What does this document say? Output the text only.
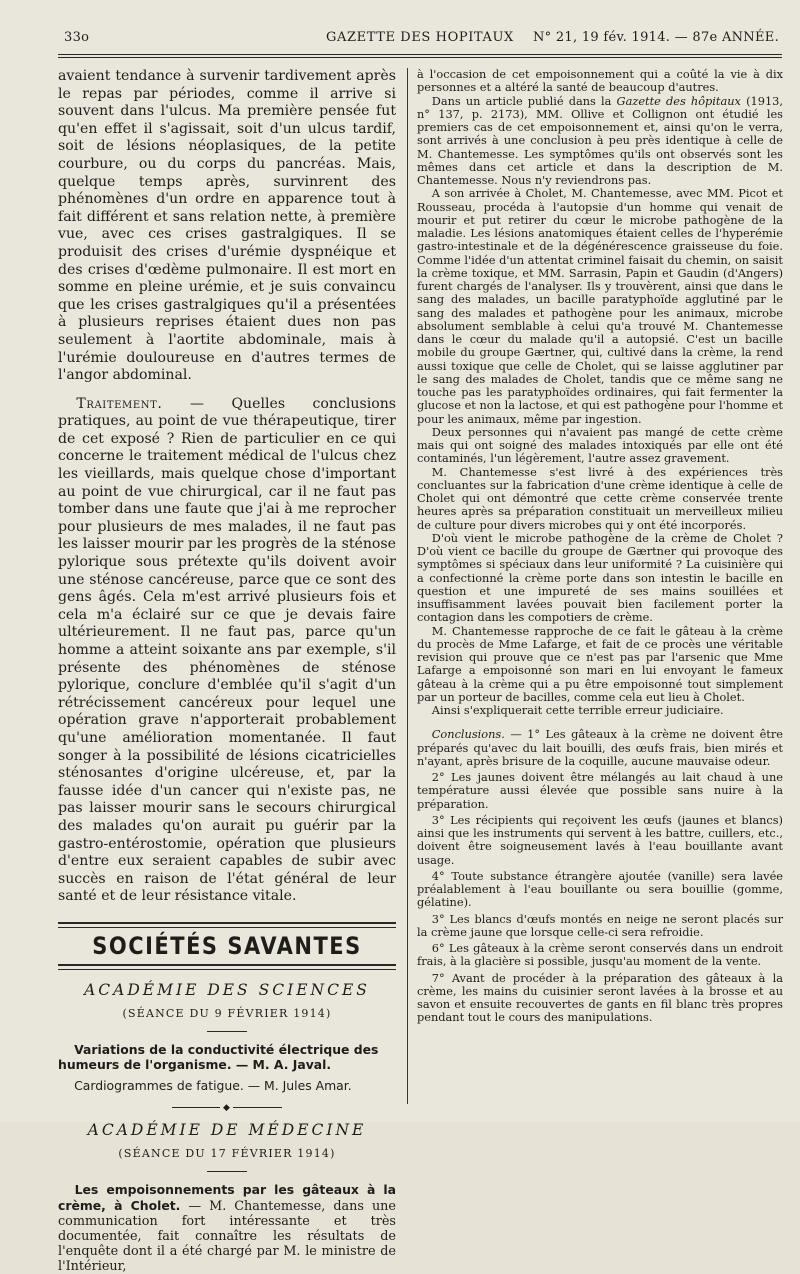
33o	GAZETTE DES HOPITAUX N° 21, 19 fév. 1914. — 87e ANNÉE.

avaient tendance à survenir tardivement après le repas par périodes, comme il arrive si souvent dans l'ulcus. Ma première pensée fut qu'en effet il s'agissait, soit d'un ulcus tardif, soit de lésions néoplasiques, de la petite courbure, ou du corps du pancréas. Mais, quelque temps après, survinrent des phénomènes d'un ordre en apparence tout à fait différent et sans relation nette, à première vue, avec ces crises gastralgiques. Il se produisit des crises d'urémie dyspnéique et des crises d'œdème pulmonaire. Il est mort en somme en pleine urémie, et je suis convaincu que les crises gastralgiques qu'il a présentées à plusieurs reprises étaient dues non pas seulement à l'aortite abdominale, mais à l'urémie douloureuse en d'autres termes de l'angor abdominal.

Traitement. — Quelles conclusions pratiques, au point de vue thérapeutique, tirer de cet exposé ? Rien de particulier en ce qui concerne le traitement médical de l'ulcus chez les vieillards, mais quelque chose d'important au point de vue chirurgical, car il ne faut pas tomber dans une faute que j'ai à me reprocher pour plusieurs de mes malades, il ne faut pas les laisser mourir par les progrès de la sténose pylorique sous prétexte qu'ils doivent avoir une sténose cancéreuse, parce que ce sont des gens âgés. Cela m'est arrivé plusieurs fois et cela m'a éclairé sur ce que je devais faire ultérieurement. Il ne faut pas, parce qu'un homme a atteint soixante ans par exemple, s'il présente des phénomènes de sténose pylorique, conclure d'emblée qu'il s'agit d'un rétrécissement cancéreux pour lequel une opération grave n'apporterait probablement qu'une amélioration momentanée. Il faut songer à la possibilité de lésions cicatricielles sténosantes d'origine ulcéreuse, et, par la fausse idée d'un cancer qui n'existe pas, ne pas laisser mourir sans le secours chirurgical des malades qu'on aurait pu guérir par la gastro-entérostomie, opération que plusieurs d'entre eux seraient capables de subir avec succès en raison de l'état général de leur santé et de leur résistance vitale.

SOCIÉTÉS SAVANTES
ACADÉMIE DES SCIENCES
(SÉANCE DU 9 FÉVRIER 1914)

Variations de la conductivité électrique des humeurs de l'organisme. — M. A. Javal.

Cardiogrammes de fatigue. — M. Jules Amar.

◆
ACADÉMIE DE MÉDECINE
(SÉANCE DU 17 FÉVRIER 1914)

Les empoisonnements par les gâteaux à la crème, à Cholet. — M. Chantemesse, dans une communication fort intéressante et très documentée, fait connaître les résultats de l'enquête dont il a été chargé par M. le ministre de l'Intérieur,

à l'occasion de cet empoisonnement qui a coûté la vie à dix personnes et a altéré la santé de beaucoup d'autres.

Dans un article publié dans la Gazette des hôpitaux (1913, n° 137, p. 2173), MM. Ollive et Collignon ont étudié les premiers cas de cet empoisonnement et, ainsi qu'on le verra, sont arrivés à une conclusion à peu près identique à celle de M. Chantemesse. Les symptômes qu'ils ont observés sont les mêmes dans cet article et dans la description de M. Chantemesse. Nous n'y reviendrons pas.

A son arrivée à Cholet, M. Chantemesse, avec MM. Picot et Rousseau, procéda à l'autopsie d'un homme qui venait de mourir et put retirer du cœur le microbe pathogène de la maladie. Les lésions anatomiques étaient celles de l'hyperémie gastro-intestinale et de la dégénérescence graisseuse du foie. Comme l'idée d'un attentat criminel faisait du chemin, on saisit la crème toxique, et MM. Sarrasin, Papin et Gaudin (d'Angers) furent chargés de l'analyser. Ils y trouvèrent, ainsi que dans le sang des malades, un bacille paratyphoïde agglutiné par le sang des malades et pathogène pour les animaux, microbe absolument semblable à celui qu'a trouvé M. Chantemesse dans le cœur du malade qu'il a autopsié. C'est un bacille mobile du groupe Gærtner, qui, cultivé dans la crème, la rend aussi toxique que celle de Cholet, qui se laisse agglutiner par le sang des malades de Cholet, tandis que ce même sang ne touche pas les paratyphoïdes ordinaires, qui fait fermenter la glucose et non la lactose, et qui est pathogène pour l'homme et pour les animaux, même par ingestion.

Deux personnes qui n'avaient pas mangé de cette crème mais qui ont soigné des malades intoxiqués par elle ont été contaminés, l'un légèrement, l'autre assez gravement.

M. Chantemesse s'est livré à des expériences très concluantes sur la fabrication d'une crème identique à celle de Cholet qui ont démontré que cette crème conservée trente heures après sa préparation constituait un merveilleux milieu de culture pour divers microbes qui y ont été incorporés.

D'où vient le microbe pathogène de la crème de Cholet ? D'où vient ce bacille du groupe de Gærtner qui provoque des symptômes si spéciaux dans leur uniformité ? La cuisinière qui a confectionné la crème porte dans son intestin le bacille en question et une impureté de ses mains souillées et insuffisamment lavées pouvait bien facilement porter la contagion dans les compotiers de crème.

M. Chantemesse rapproche de ce fait le gâteau à la crème du procès de Mme Lafarge, et fait de ce procès une véritable revision qui prouve que ce n'est pas par l'arsenic que Mme Lafarge a empoisonné son mari en lui envoyant le fameux gâteau à la crème qui a pu être empoisonné tout simplement par un porteur de bacilles, comme cela eut lieu à Cholet.

Ainsi s'expliquerait cette terrible erreur judiciaire.

Conclusions. — 1° Les gâteaux à la crème ne doivent être préparés qu'avec du lait bouilli, des œufs frais, bien mirés et n'ayant, après brisure de la coquille, aucune mauvaise odeur.

2° Les jaunes doivent être mélangés au lait chaud à une température aussi élevée que possible sans nuire à la préparation.

3° Les récipients qui reçoivent les œufs (jaunes et blancs) ainsi que les instruments qui servent à les battre, cuillers, etc., doivent être soigneusement lavés à l'eau bouillante avant usage.

4° Toute substance étrangère ajoutée (vanille) sera lavée préalablement à l'eau bouillante ou sera bouillie (gomme, gélatine).

3° Les blancs d'œufs montés en neige ne seront placés sur la crème jaune que lorsque celle-ci sera refroidie.

6° Les gâteaux à la crème seront conservés dans un endroit frais, à la glacière si possible, jusqu'au moment de la vente.

7° Avant de procéder à la préparation des gâteaux à la crème, les mains du cuisinier seront lavées à la brosse et au savon et ensuite recouvertes de gants en fil blanc très propres pendant tout le cours des manipulations.
